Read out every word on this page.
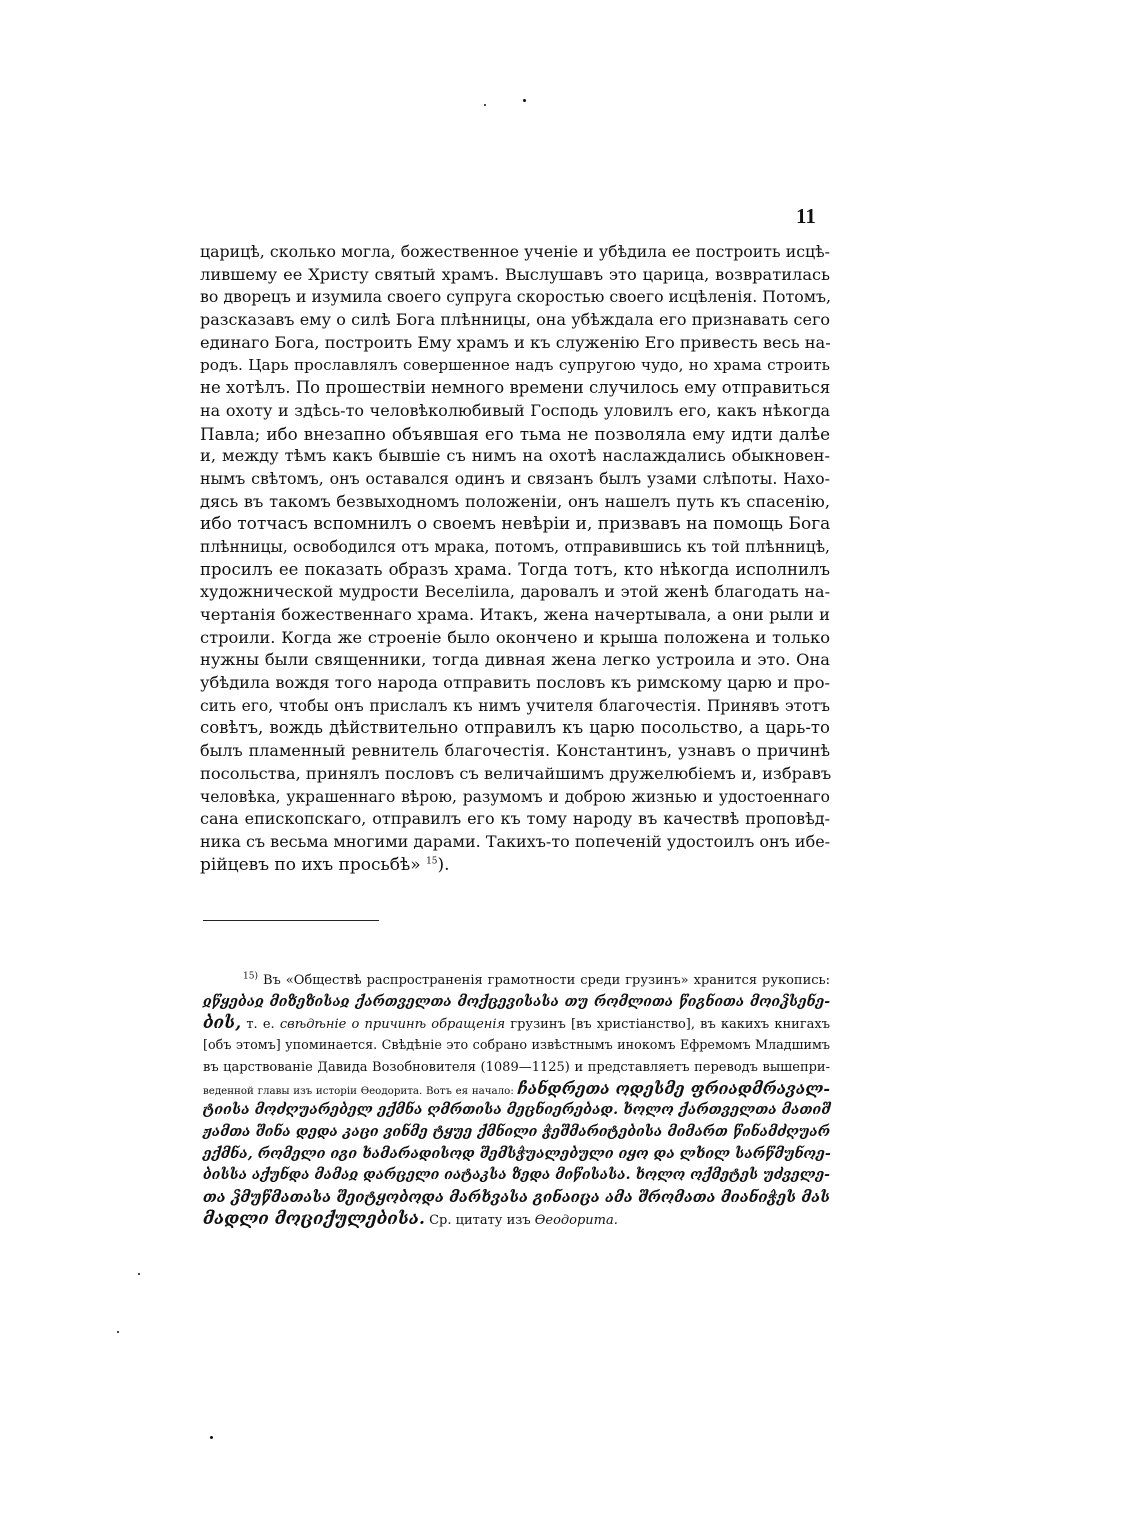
11
царицѣ, сколько могла, божественное ученіе и убѣдила ее построить исцѣ-
лившему ее Христу святый храмъ. Выслушавъ это царица, возвратилась
во дворецъ и изумила своего супруга скоростью своего исцѣленія. Потомъ,
разсказавъ ему о силѣ Бога плѣнницы, она убѣждала его признавать сего
единаго Бога, построить Ему храмъ и къ служенію Его привесть весь на-
родъ. Царь прославлялъ совершенное надъ супругою чудо, но храма строить
не хотѣлъ. По прошествіи немного времени случилось ему отправиться
на охоту и здѣсь-то человѣколюбивый Господь уловилъ его, какъ нѣкогда
Павла; ибо внезапно объявшая его тьма не позволяла ему идти далѣе
и, между тѣмъ какъ бывшіе съ нимъ на охотѣ наслаждались обыкновен-
нымъ свѣтомъ, онъ оставался одинъ и связанъ былъ узами слѣпоты. Нахо-
дясь въ такомъ безвыходномъ положеніи, онъ нашелъ путь къ спасенію,
ибо тотчасъ вспомнилъ о своемъ невѣріи и, призвавъ на помощь Бога
плѣнницы, освободился отъ мрака, потомъ, отправившись къ той плѣнницѣ,
просилъ ее показать образъ храма. Тогда тотъ, кто нѣкогда исполнилъ
художнической мудрости Веселіила, даровалъ и этой женѣ благодать на-
чертанія божественнаго храма. Итакъ, жена начертывала, а они рыли и
строили. Когда же строеніе было окончено и крыша положена и только
нужны были священники, тогда дивная жена легко устроила и это. Она
убѣдила вождя того народа отправить пословъ къ римскому царю и про-
сить его, чтобы онъ прислалъ къ нимъ учителя благочестія. Принявъ этотъ
совѣтъ, вождь дѣйствительно отправилъ къ царю посольство, а царь-то
былъ пламенный ревнитель благочестія. Константинъ, узнавъ о причинѣ
посольства, принялъ пословъ съ величайшимъ дружелюбіемъ и, избравъ
человѣка, украшеннаго вѣрою, разумомъ и доброю жизнью и удостоеннаго
сана епископскаго, отправилъ его къ тому народу въ качествѣ проповѣд-
ника съ весьма многими дарами. Такихъ-то попеченій удостоилъ онъ ибе-
рійцевъ по ихъ просьбѣ» $^{15}$).
$^{15)}$ Въ «Обществѣ распространенія грамотности среди грузинъ» хранится рукопись:
ჲწყებაჲ მიზეზისაჲ ქართველთა მოქცევისასა თუ რომლითა წიგნითა მოიჴსენე-
ბის, т. е. свѣдѣніе о причинѣ обращенія грузинъ [въ христіанство], въ какихъ книгахъ
[объ этомъ] упоминается. Свѣдѣніе это собрано извѣстнымъ инокомъ Ефремомъ Младшимъ
въ царствованіе Давида Возобновителя (1089—1125) и представляетъ переводъ вышепри-
веденной главы изъ исторіи Ѳеодорита. Вотъ ея начало: ჩანდრეთა ოდესმე ფრიადმრავალ-
ტიისა მოძღუარებელ ექმნა ღმრთისა მეცნიერებად. ხოლო ქართველთა მათიშ
ჟამთა შინა დედა კაცი ვინმე ტყუე ქმნილი ჭეშმარიტებისა მიმართ წინამძღუარ
ექმნა, რომელი იგი ხამარადისოდ შემსჭუალებული იყო და ლხილ სარწმუნოე-
ბისსა აქუნდა მამაჲ დარცელი იატაკსა ზედა მიწისასა. ხოლო ოქმეტეს უძველე-
თა ჴმუწმათასა შეიტყობოდა მარხვასა გინაიცა ამა შრომათა მიანიჭეს მას
მადლი მოციქულებისა. Ср. цитату изъ Ѳеодорита.
